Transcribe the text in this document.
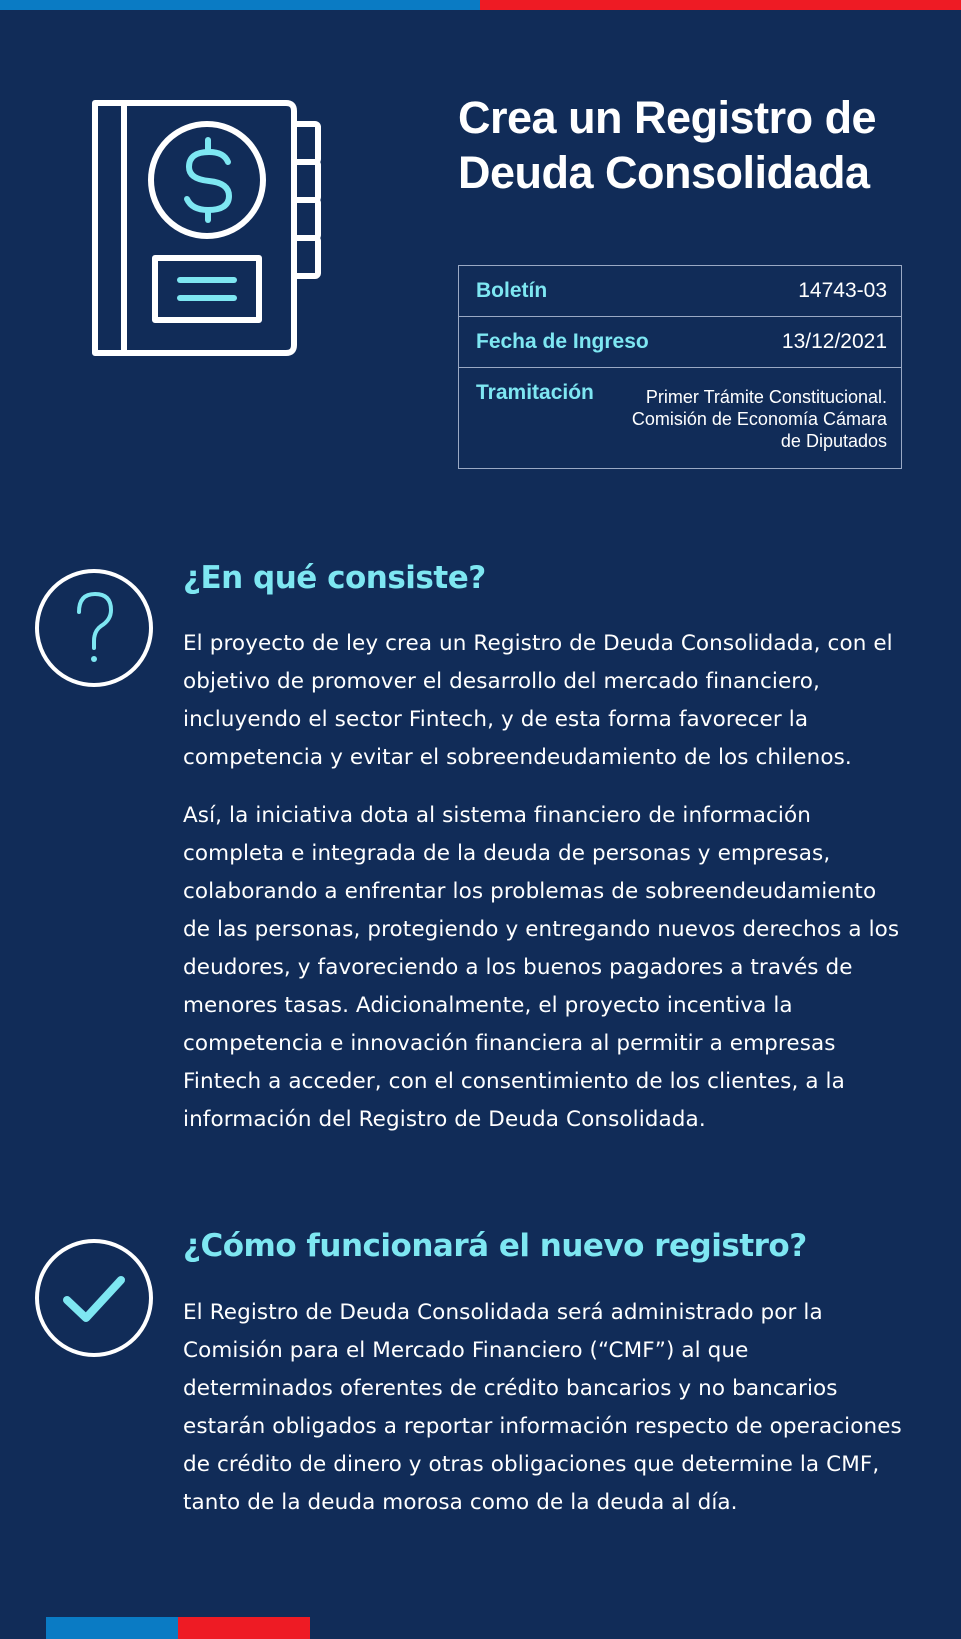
Crea un Registro de
Deuda Consolidada
Boletín	14743-03
Fecha de Ingreso	13/12/2021
Tramitación	Primer Trámite Constitucional.
Comisión de Economía Cámara
de Diputados
¿En qué consiste?

El proyecto de ley crea un Registro de Deuda Consolidada, con el objetivo de promover el desarrollo del mercado financiero, incluyendo el sector Fintech, y de esta forma favorecer la competencia y evitar el sobreendeudamiento de los chilenos.

Así, la iniciativa dota al sistema financiero de información completa e integrada de la deuda de personas y empresas, colaborando a enfrentar los problemas de sobreendeudamiento de las personas, protegiendo y entregando nuevos derechos a los deudores, y favoreciendo a los buenos pagadores a través de menores tasas. Adicionalmente, el proyecto incentiva la competencia e innovación financiera al permitir a empresas Fintech a acceder, con el consentimiento de los clientes, a la información del Registro de Deuda Consolidada.

¿Cómo funcionará el nuevo registro?

El Registro de Deuda Consolidada será administrado por la Comisión para el Mercado Financiero (“CMF”) al que determinados oferentes de crédito bancarios y no bancarios estarán obligados a reportar información respecto de operaciones de crédito de dinero y otras obligaciones que determine la CMF, tanto de la deuda morosa como de la deuda al día.
